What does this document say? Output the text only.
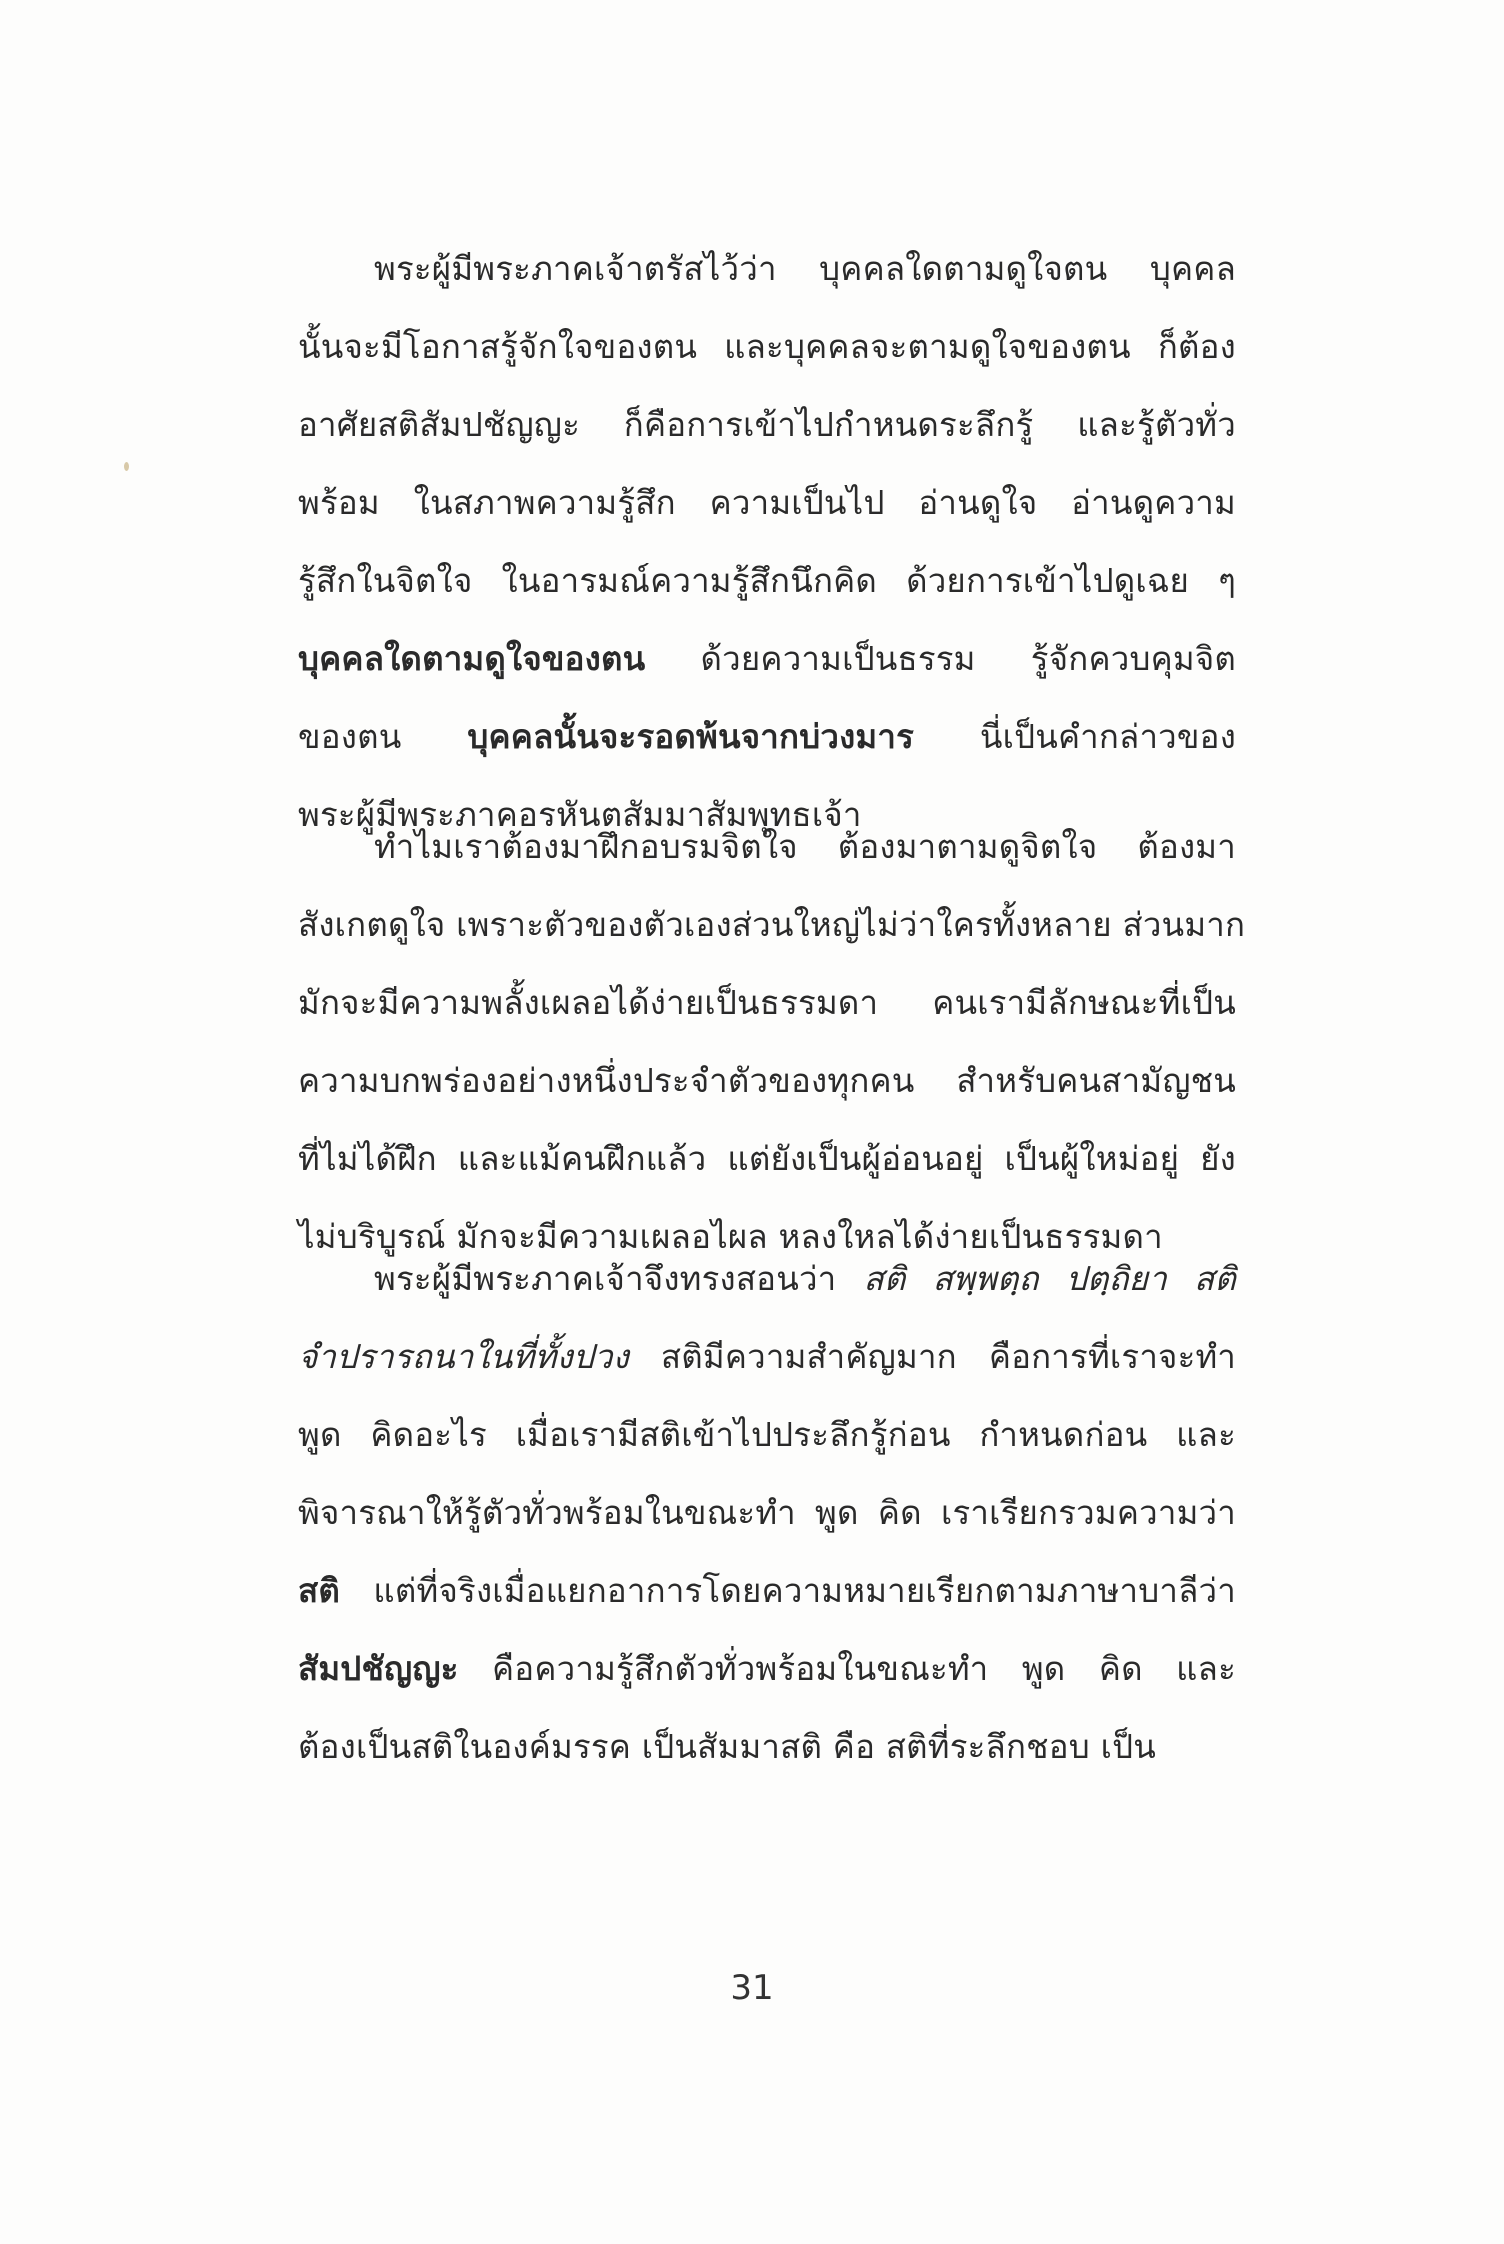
พระผู้มีพระภาคเจ้าตรัสไว้ว่า บุคคลใดตามดูใจตน บุคคล
นั้นจะมีโอกาสรู้จักใจของตน และบุคคลจะตามดูใจของตน ก็ต้อง
อาศัยสติสัมปชัญญะ ก็คือการเข้าไปกำหนดระลึกรู้ และรู้ตัวทั่ว
พร้อม ในสภาพความรู้สึก ความเป็นไป อ่านดูใจ อ่านดูความ
รู้สึกในจิตใจ ในอารมณ์ความรู้สึกนึกคิด ด้วยการเข้าไปดูเฉย ๆ
บุคคลใดตามดูใจของตน ด้วยความเป็นธรรม รู้จักควบคุมจิต
ของตน บุคคลนั้นจะรอดพ้นจากบ่วงมาร นี่เป็นคำกล่าวของ
พระผู้มีพระภาคอรหันตสัมมาสัมพุทธเจ้า
ทำไมเราต้องมาฝึกอบรมจิตใจ ต้องมาตามดูจิตใจ ต้องมา
สังเกตดูใจ เพราะตัวของตัวเองส่วนใหญ่ไม่ว่าใครทั้งหลาย ส่วนมาก
มักจะมีความพลั้งเผลอได้ง่ายเป็นธรรมดา คนเรามีลักษณะที่เป็น
ความบกพร่องอย่างหนึ่งประจำตัวของทุกคน สำหรับคนสามัญชน
ที่ไม่ได้ฝึก และแม้คนฝึกแล้ว แต่ยังเป็นผู้อ่อนอยู่ เป็นผู้ใหม่อยู่ ยัง
ไม่บริบูรณ์ มักจะมีความเผลอไผล หลงใหลได้ง่ายเป็นธรรมดา
พระผู้มีพระภาคเจ้าจึงทรงสอนว่า สติ สพฺพตฺถ ปตฺถิยา สติ
จำปรารถนาในที่ทั้งปวง สติมีความสำคัญมาก คือการที่เราจะทำ
พูด คิดอะไร เมื่อเรามีสติเข้าไปประลึกรู้ก่อน กำหนดก่อน และ
พิจารณาให้รู้ตัวทั่วพร้อมในขณะทำ พูด คิด เราเรียกรวมความว่า
สติ แต่ที่จริงเมื่อแยกอาการโดยความหมายเรียกตามภาษาบาลีว่า
สัมปชัญญะ คือความรู้สึกตัวทั่วพร้อมในขณะทำ พูด คิด และ
ต้องเป็นสติในองค์มรรค เป็นสัมมาสติ คือ สติที่ระลึกชอบ เป็น
31
